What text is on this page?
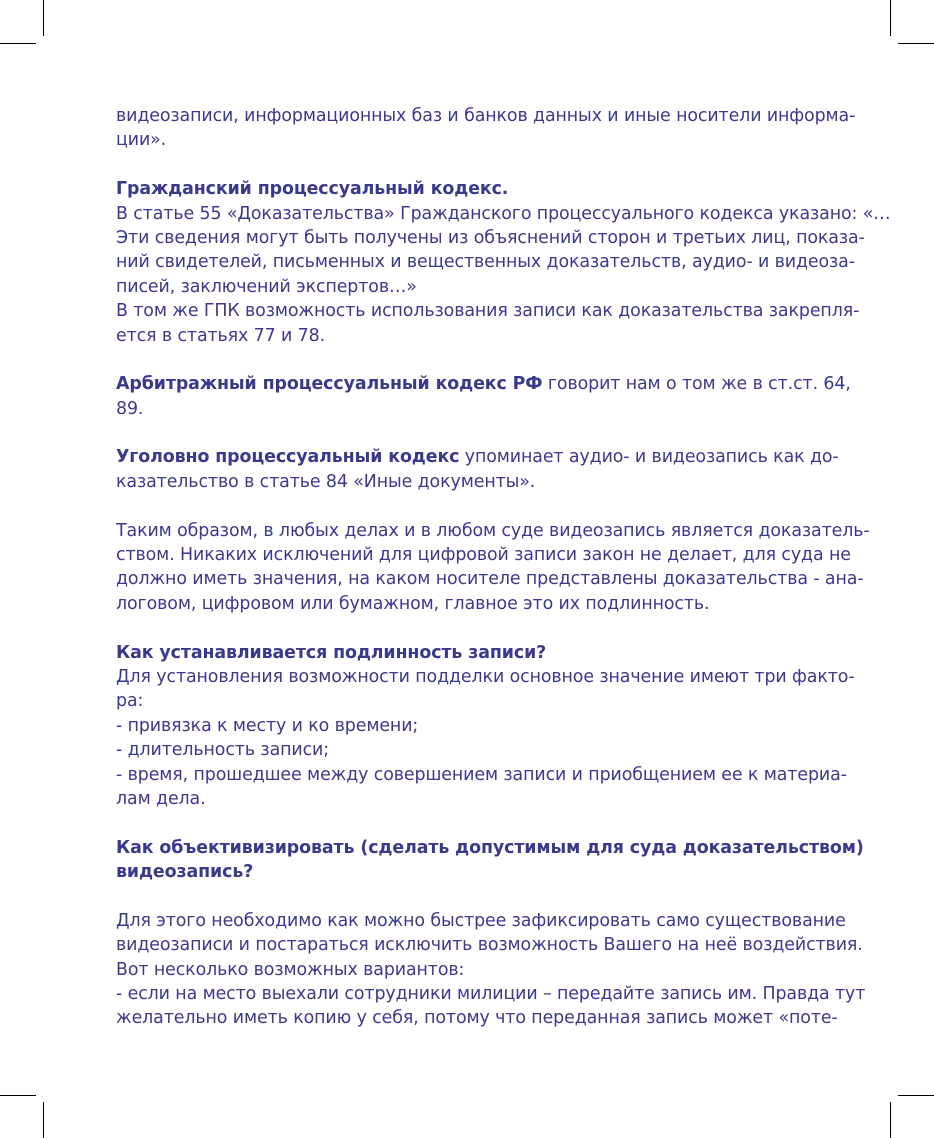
видеозаписи, информационных баз и банков данных и иные носители информа-
ции».
Гражданский процессуальный кодекс.
В статье 55 «Доказательства» Гражданского процессуального кодекса указано: «…
Эти сведения могут быть получены из объяснений сторон и третьих лиц, показа-
ний свидетелей, письменных и вещественных доказательств, аудио- и видеоза-
писей, заключений экспертов…»
В том же ГПК возможность использования записи как доказательства закрепля-
ется в статьях 77 и 78.
Арбитражный процессуальный кодекс РФ говорит нам о том же в ст.ст. 64,
89.
Уголовно процессуальный кодекс упоминает аудио- и видеозапись как до-
казательство в статье 84 «Иные документы».
Таким образом, в любых делах и в любом суде видеозапись является доказатель-
ством. Никаких исключений для цифровой записи закон не делает, для суда не
должно иметь значения, на каком носителе представлены доказательства - ана-
логовом, цифровом или бумажном, главное это их подлинность.
Как устанавливается подлинность записи?
Для установления возможности подделки основное значение имеют три факто-
ра:
- привязка к месту и ко времени;
- длительность записи;
- время, прошедшее между совершением записи и приобщением ее к материа-
лам дела.
Как объективизировать (сделать допустимым для суда доказательством)
видеозапись?
Для этого необходимо как можно быстрее зафиксировать само существование
видеозаписи и постараться исключить возможность Вашего на неё воздействия.
Вот несколько возможных вариантов:
- если на место выехали сотрудники милиции – передайте запись им. Правда тут
желательно иметь копию у себя, потому что переданная запись может «поте-
